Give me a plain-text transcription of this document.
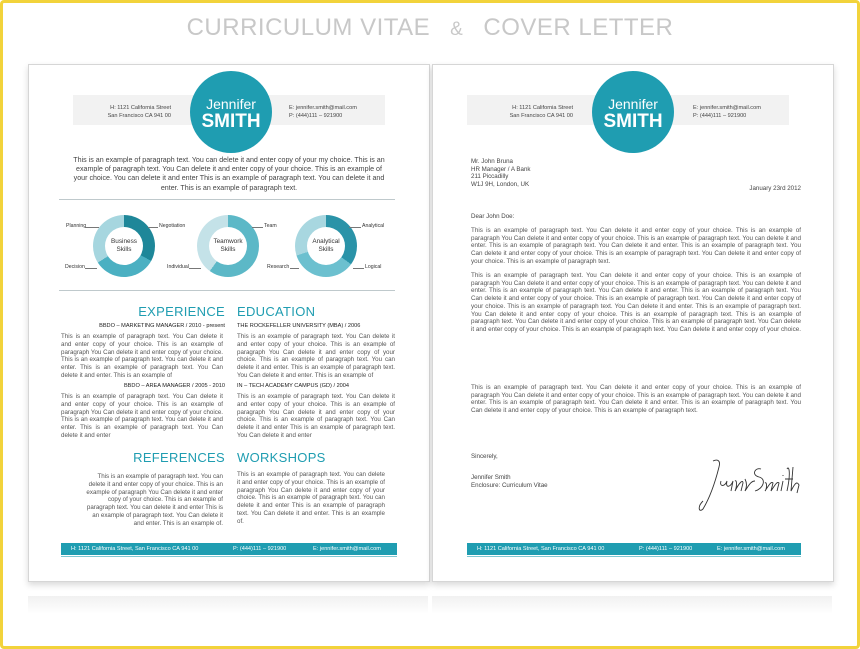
CURRICULUM VITAE & COVER LETTER
H: 1121 California Street
San Francisco CA 941 00
E: jennifer.smith@mail.com
P: (444)111 – 921900
Jennifer
SMITH
This is an example of paragraph text. You can delete it and enter copy of your my choice. This is an example of paragraph text. You Can delete it and enter copy of your choice. This is an example of your choice. You can delete it and enter This is an example of paragraph text. You can delete it and enter. This is an example of paragraph text.
Business
Skills
Planning	Negotiation
Decision
Teamwork
Skills
Team
Individual
Analytical
Skills
Analytical
Research	Logical
EXPERIENCE
BBDO – MARKETING MANAGER / 2010 - present
This is an example of paragraph text. You Can delete it and enter copy of your choice. This is an example of paragraph You Can delete it and enter copy of your choice. This is an example of paragraph text. You can delete it and enter. This is an example of paragraph text. You Can delete it and enter. This is an example of
BBDO – AREA MANAGER / 2005 - 2010
This is an example of paragraph text. You Can delete it and enter copy of your choice. This is an example of paragraph You Can delete it and enter copy of your choice. This is an example of paragraph text. You can delete it and enter. This is an example of paragraph text. You Can delete it and enter
EDUCATION
THE ROCKEFELLER UNIVERSITY (MBA) / 2006
This is an example of paragraph text. You Can delete it and enter copy of your choice. This is an example of paragraph You Can delete it and enter copy of your choice. This is an example of paragraph text. You can delete it and enter. This is an example of paragraph text. You Can delete it and enter. This is an example of
IN – TECH ACADEMY CAMPUS (GD) / 2004
This is an example of paragraph text. You Can delete it and enter copy of your choice. This is an example of paragraph You Can delete it and enter copy of your choice. This is an example of paragraph text. You Can delete it and enter This is an example of paragraph text. You Can delete it and enter
REFERENCES
This is an example of paragraph text. You can delete it and enter copy of your choice. This is an example of paragraph You Can delete it and enter copy of your choice. This is an example of paragraph text. You can delete it and enter This is an example of paragraph text. You Can delete it and enter. This is an example of.
WORKSHOPS
This is an example of paragraph text. You can delete it and enter copy of your choice. This is an example of paragraph You Can delete it and enter copy of your choice. This is an example of paragraph text. You can delete it and enter This is an example of paragraph text. You Can delete it and enter. This is an example of.
H: 1121 California Street, San Francisco CA 941 00	P: (444)111 – 921900	E: jennifer.smith@mail.com
H: 1121 California Street
San Francisco CA 941 00
E: jennifer.smith@mail.com
P: (444)111 – 921900
Jennifer
SMITH
Mr. John Bruna
HR Manager / A Bank
211 Piccadilly
W1J 9H, London, UK
January 23rd 2012
Dear John Doe:
This is an example of paragraph text. You Can delete it and enter copy of your choice. This is an example of paragraph You Can delete it and enter copy of your choice. This is an example of paragraph text. You can delete it and enter. This is an example of paragraph text. You Can delete it and enter. This is an example of paragraph text. You Can delete it and enter copy of your choice. This is an example of paragraph text. You Can delete it and enter copy of your choice. This is an example of paragraph text.
This is an example of paragraph text. You Can delete it and enter copy of your choice. This is an example of paragraph You Can delete it and enter copy of your choice. This is an example of paragraph text. You can delete it and enter. This is an example of paragraph text. You Can delete it and enter. This is an example of paragraph text. You Can delete it and enter copy of your choice. This is an example of paragraph text. You Can delete it and enter copy of your choice. This is an example of paragraph text. You Can delete it and enter. This is an example of paragraph text. You Can delete it and enter copy of your choice. This is an example of paragraph text. This is an example of paragraph text. You Can delete it and enter copy of your choice. This is an example of paragraph text. You Can delete it and enter copy of your choice. This is an example of paragraph text. You Can delete it and enter copy of your choice.
This is an example of paragraph text. You Can delete it and enter copy of your choice. This is an example of paragraph You Can delete it and enter copy of your choice. This is an example of paragraph text. You can delete it and enter. This is an example of paragraph text. You Can delete it and enter. This is an example of paragraph text. You Can delete it and enter copy of your choice. This is an example of paragraph text.
Sincerely,
Jennifer Smith
Enclosure: Curriculum Vitae
H: 1121 California Street, San Francisco CA 941 00	P: (444)111 – 921900	E: jennifer.smith@mail.com
